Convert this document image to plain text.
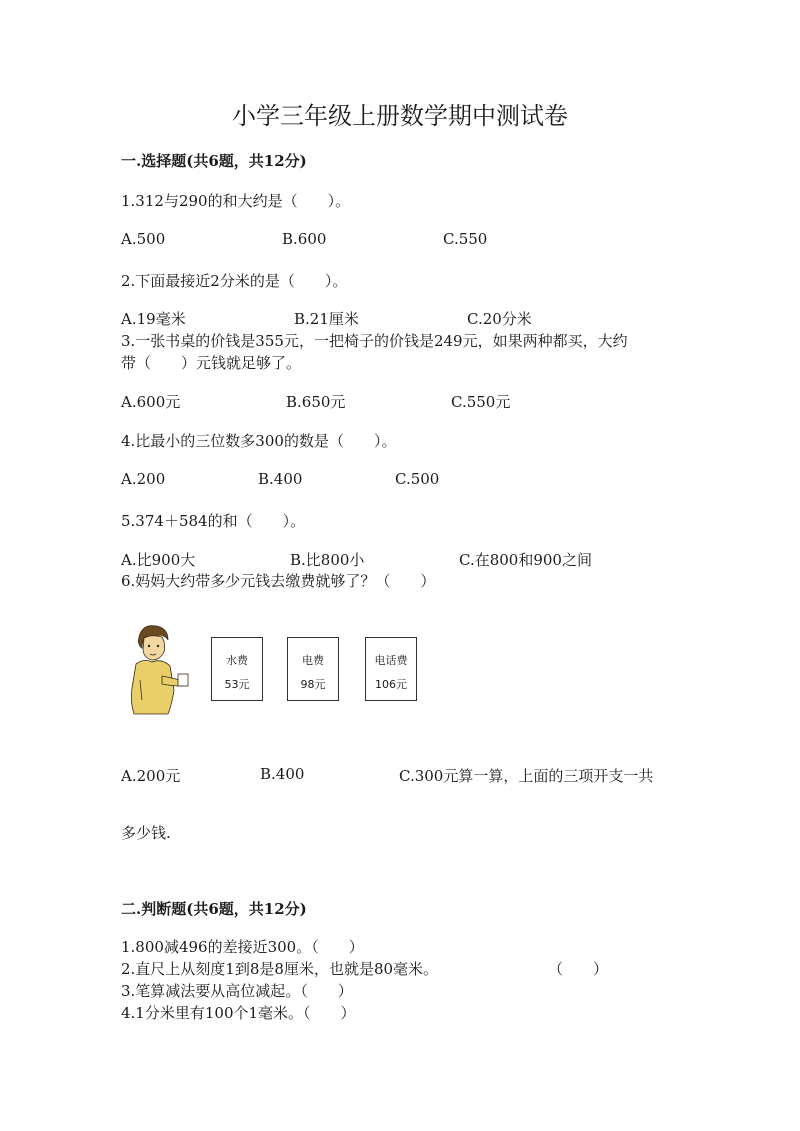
小学三年级上册数学期中测试卷
一.选择题(共6题，共12分)
1.312与290的和大约是（　　）。
A.500	B.600	C.550
2.下面最接近2分米的是（　　）。
A.19毫米	B.21厘米	C.20分米
3.一张书桌的价钱是355元，一把椅子的价钱是249元，如果两种都买，大约
带（　　）元钱就足够了。
A.600元	B.650元	C.550元
4.比最小的三位数多300的数是（　　）。
A.200	B.400	C.500
5.374＋584的和（　　）。
A.比900大	B.比800小	C.在800和900之间
6.妈妈大约带多少元钱去缴费就够了？（　　）
水费
53元
电费
98元
电话费
106元
A.200元	B.400	C.300元算一算，上面的三项开支一共
多少钱.
二.判断题(共6题，共12分)
1.800减496的差接近300。（　　）
2.直尺上从刻度1到8是8厘米，也就是80毫米。	（　　）
3.笔算减法要从高位减起。（　　）
4.1分米里有100个1毫米。（　　）
